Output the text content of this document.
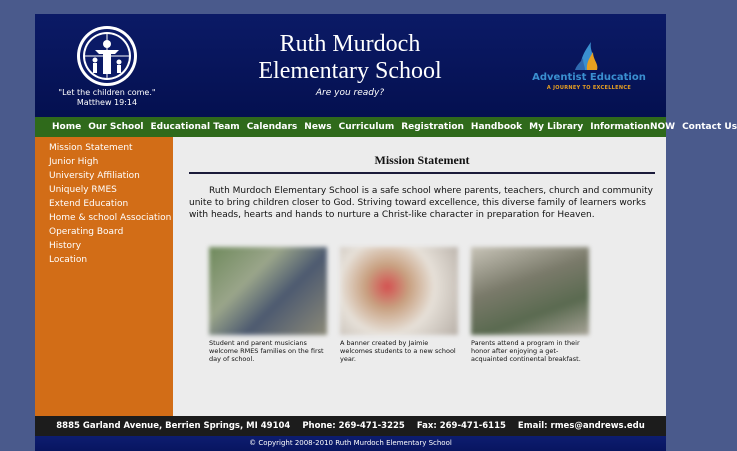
"Let the children come."
Matthew 19:14
Ruth Murdoch
Elementary School
Are you ready?
Adventist Education
A JOURNEY TO EXCELLENCE
Home Our School Educational Team Calendars News Curriculum Registration Handbook My Library InformationNOW Contact Us
Mission Statement
Junior High
University Affiliation
Uniquely RMES
Extend Education
Home & school Association
Operating Board
History
Location
Mission Statement
Ruth Murdoch Elementary School is a safe school where parents, teachers, church and community unite to bring children closer to God. Striving toward excellence, this diverse family of learners works with heads, hearts and hands to nurture a Christ-like character in preparation for Heaven.
Student and parent musicians welcome RMES families on the first day of school.
A banner created by Jaimie welcomes students to a new school year.
Parents attend a program in their honor after enjoying a get-acquainted continental breakfast.
8885 Garland Avenue, Berrien Springs, MI 49104 Phone: 269-471-3225 Fax: 269-471-6115 Email: rmes@andrews.edu
© Copyright 2008-2010 Ruth Murdoch Elementary School
